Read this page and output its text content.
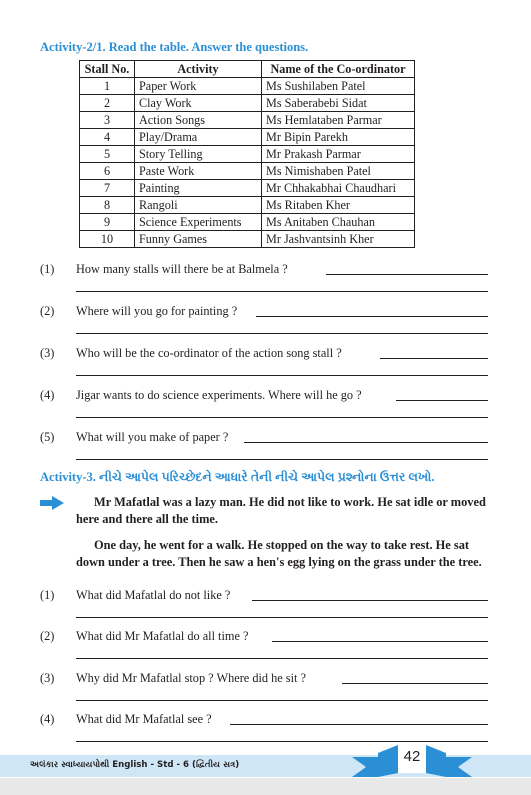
Activity-2/1. Read the table. Answer the questions.
Stall No.	Activity	Name of the Co-ordinator
1	Paper Work	Ms Sushilaben Patel
2	Clay Work	Ms Saberabebi Sidat
3	Action Songs	Ms Hemlataben Parmar
4	Play/Drama	Mr Bipin Parekh
5	Story Telling	Mr Prakash Parmar
6	Paste Work	Ms Nimishaben Patel
7	Painting	Mr Chhakabhai Chaudhari
8	Rangoli	Ms Ritaben Kher
9	Science Experiments	Ms Anitaben Chauhan
10	Funny Games	Mr Jashvantsinh Kher
(1) How many stalls will there be at Balmela ?
(2) Where will you go for painting ?
(3) Who will be the co-ordinator of the action song stall ?
(4) Jigar wants to do science experiments. Where will he go ?
(5) What will you make of paper ?
Activity-3. નીચે આપેલ પરિચ્છેદને આધારે તેની નીચે આપેલ પ્રશ્નોના ઉત્તર લખો.
Mr Mafatlal was a lazy man. He did not like to work. He sat idle or moved here and there all the time.
One day, he went for a walk. He stopped on the way to take rest. He sat down under a tree. Then he saw a hen's egg lying on the grass under the tree.
(1) What did Mafatlal do not like ?
(2) What did Mr Mafatlal do all time ?
(3) Why did Mr Mafatlal stop ? Where did he sit ?
(4) What did Mr Mafatlal see ?
અલંકાર સ્વાધ્યાયપોથી English - Std - 6 (દ્વિતીય સત્ર)	42
